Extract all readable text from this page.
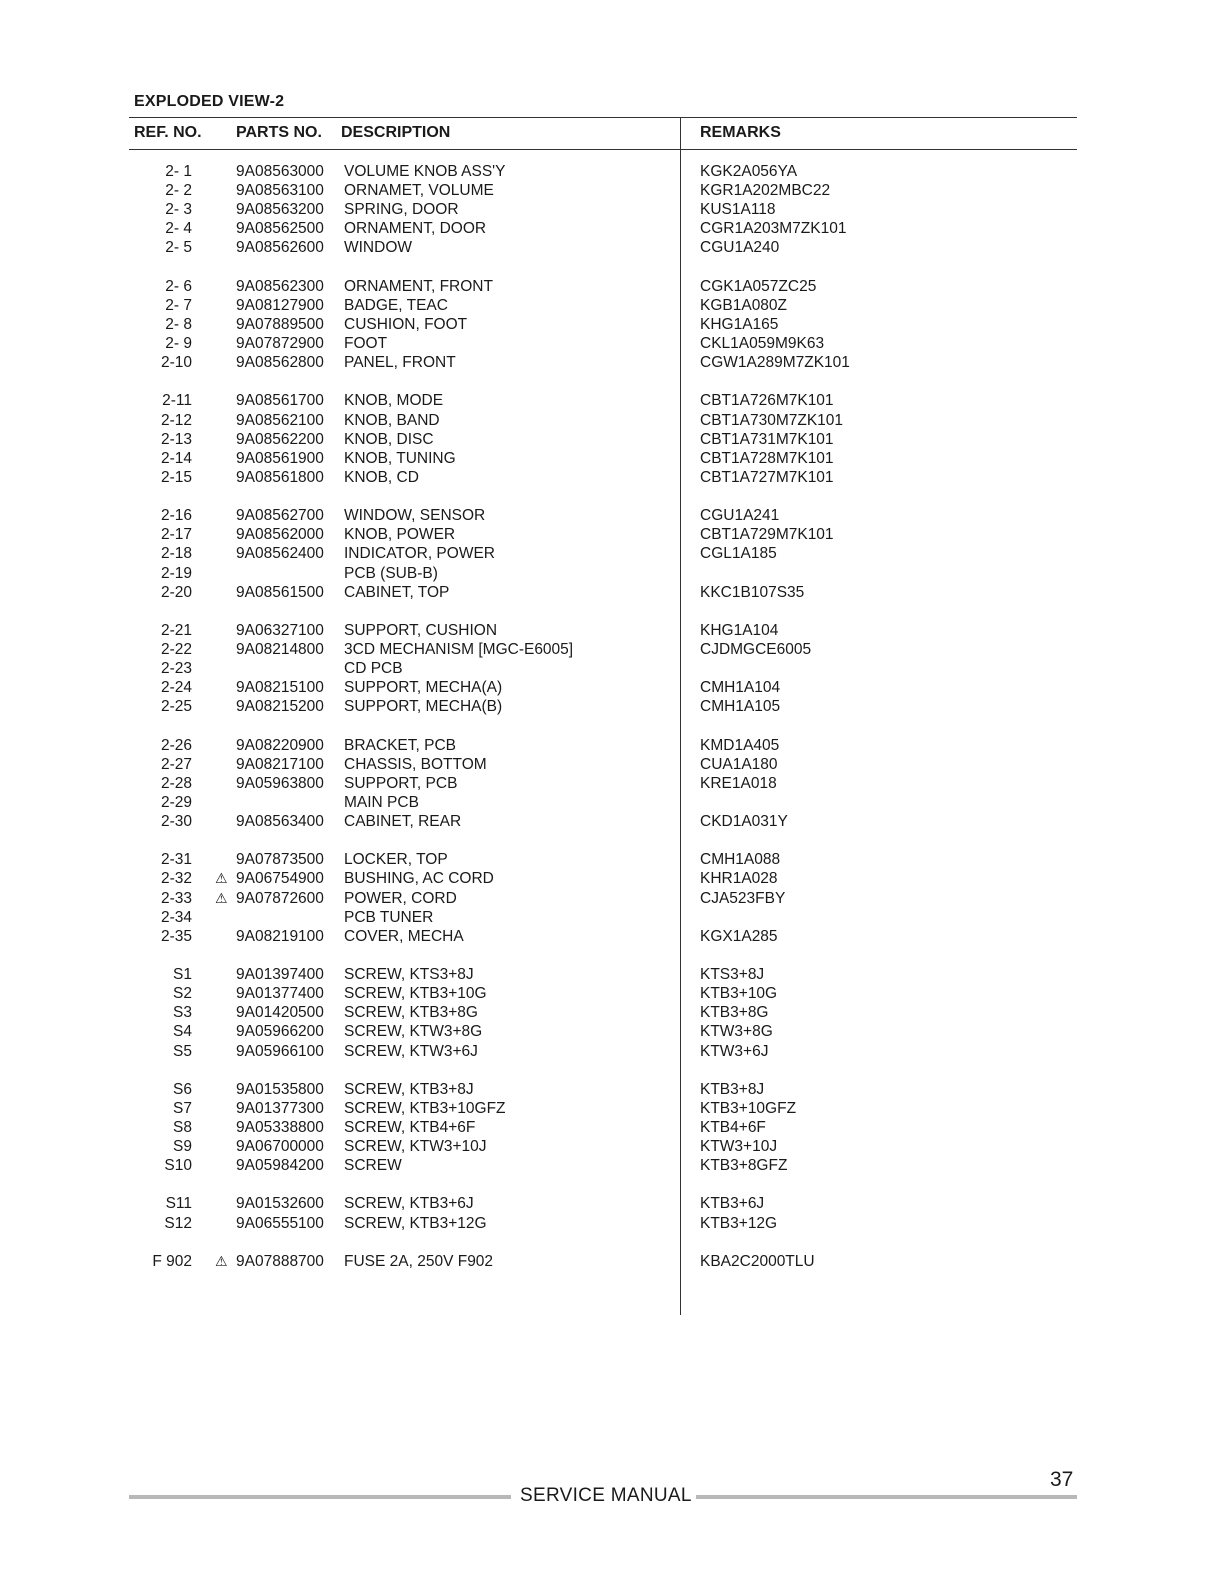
EXPLODED VIEW-2
REF. NO. PARTS NO. DESCRIPTION	REMARKS
2- 1	9A08563000 VOLUME KNOB ASS'Y	KGK2A056YA
2- 2	9A08563100 ORNAMET, VOLUME	KGR1A202MBC22
2- 3	9A08563200 SPRING, DOOR	KUS1A118
2- 4	9A08562500 ORNAMENT, DOOR	CGR1A203M7ZK101
2- 5	9A08562600 WINDOW	CGU1A240
2- 6	9A08562300 ORNAMENT, FRONT	CGK1A057ZC25
2- 7	9A08127900 BADGE, TEAC	KGB1A080Z
2- 8	9A07889500 CUSHION, FOOT	KHG1A165
2- 9	9A07872900 FOOT	CKL1A059M9K63
2-10	9A08562800 PANEL, FRONT	CGW1A289M7ZK101
2-11	9A08561700 KNOB, MODE	CBT1A726M7K101
2-12	9A08562100 KNOB, BAND	CBT1A730M7ZK101
2-13	9A08562200 KNOB, DISC	CBT1A731M7K101
2-14	9A08561900 KNOB, TUNING	CBT1A728M7K101
2-15	9A08561800 KNOB, CD	CBT1A727M7K101
2-16	9A08562700 WINDOW, SENSOR	CGU1A241
2-17	9A08562000 KNOB, POWER	CBT1A729M7K101
2-18	9A08562400 INDICATOR, POWER	CGL1A185
2-19	PCB (SUB-B)
2-20	9A08561500 CABINET, TOP	KKC1B107S35
2-21	9A06327100 SUPPORT, CUSHION	KHG1A104
2-22	9A08214800 3CD MECHANISM [MGC-E6005]	CJDMGCE6005
2-23	CD PCB
2-24	9A08215100 SUPPORT, MECHA(A)	CMH1A104
2-25	9A08215200 SUPPORT, MECHA(B)	CMH1A105
2-26	9A08220900 BRACKET, PCB	KMD1A405
2-27	9A08217100 CHASSIS, BOTTOM	CUA1A180
2-28	9A05963800 SUPPORT, PCB	KRE1A018
2-29	MAIN PCB
2-30	9A08563400 CABINET, REAR	CKD1A031Y
2-31	9A07873500 LOCKER, TOP	CMH1A088
2-32 ⚠ 9A06754900 BUSHING, AC CORD	KHR1A028
2-33 ⚠ 9A07872600 POWER, CORD	CJA523FBY
2-34	PCB TUNER
2-35	9A08219100 COVER, MECHA	KGX1A285
S1	9A01397400 SCREW, KTS3+8J	KTS3+8J
S2	9A01377400 SCREW, KTB3+10G	KTB3+10G
S3	9A01420500 SCREW, KTB3+8G	KTB3+8G
S4	9A05966200 SCREW, KTW3+8G	KTW3+8G
S5	9A05966100 SCREW, KTW3+6J	KTW3+6J
S6	9A01535800 SCREW, KTB3+8J	KTB3+8J
S7	9A01377300 SCREW, KTB3+10GFZ	KTB3+10GFZ
S8	9A05338800 SCREW, KTB4+6F	KTB4+6F
S9	9A06700000 SCREW, KTW3+10J	KTW3+10J
S10	9A05984200 SCREW	KTB3+8GFZ
S11	9A01532600 SCREW, KTB3+6J	KTB3+6J
S12	9A06555100 SCREW, KTB3+12G	KTB3+12G
F 902 ⚠ 9A07888700 FUSE 2A, 250V F902	KBA2C2000TLU
SERVICE MANUAL
37
